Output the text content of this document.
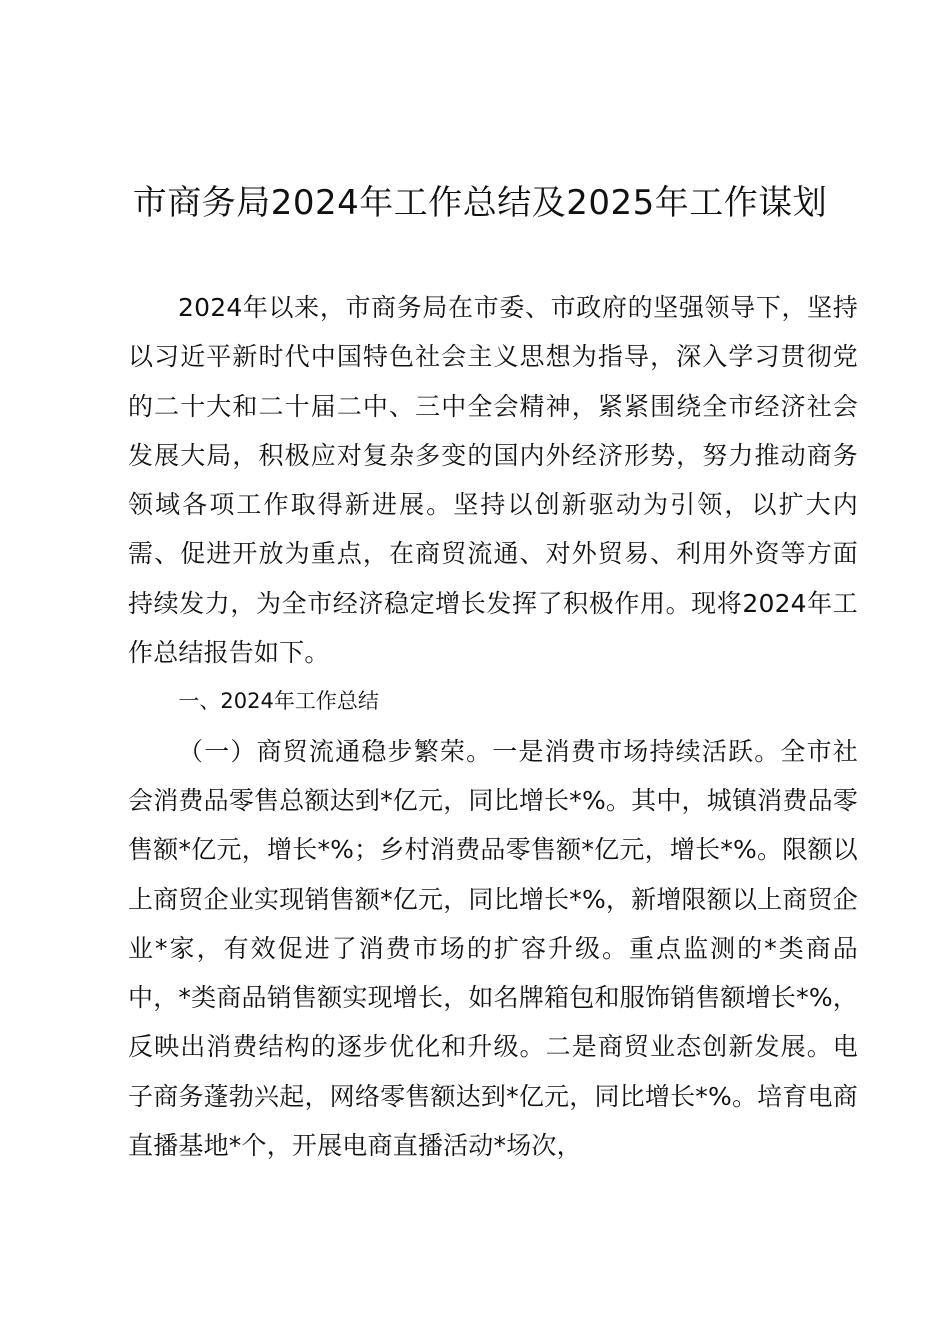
市商务局2024年工作总结及2025年工作谋划

2024年以来，市商务局在市委、市政府的坚强领导下，坚持以习近平新时代中国特色社会主义思想为指导，深入学习贯彻党的二十大和二十届二中、三中全会精神，紧紧围绕全市经济社会发展大局，积极应对复杂多变的国内外经济形势，努力推动商务领域各项工作取得新进展。坚持以创新驱动为引领，以扩大内需、促进开放为重点，在商贸流通、对外贸易、利用外资等方面持续发力，为全市经济稳定增长发挥了积极作用。现将2024年工作总结报告如下。

一、2024年工作总结

（一）商贸流通稳步繁荣。一是消费市场持续活跃。全市社会消费品零售总额达到*亿元，同比增长*%。其中，城镇消费品零售额*亿元，增长*%；乡村消费品零售额*亿元，增长*%。限额以上商贸企业实现销售额*亿元，同比增长*%，新增限额以上商贸企业*家，有效促进了消费市场的扩容升级。重点监测的*类商品中，*类商品销售额实现增长，如名牌箱包和服饰销售额增长*%，反映出消费结构的逐步优化和升级。二是商贸业态创新发展。电子商务蓬勃兴起，网络零售额达到*亿元，同比增长*%。培育电商直播基地*个，开展电商直播活动*场次，
